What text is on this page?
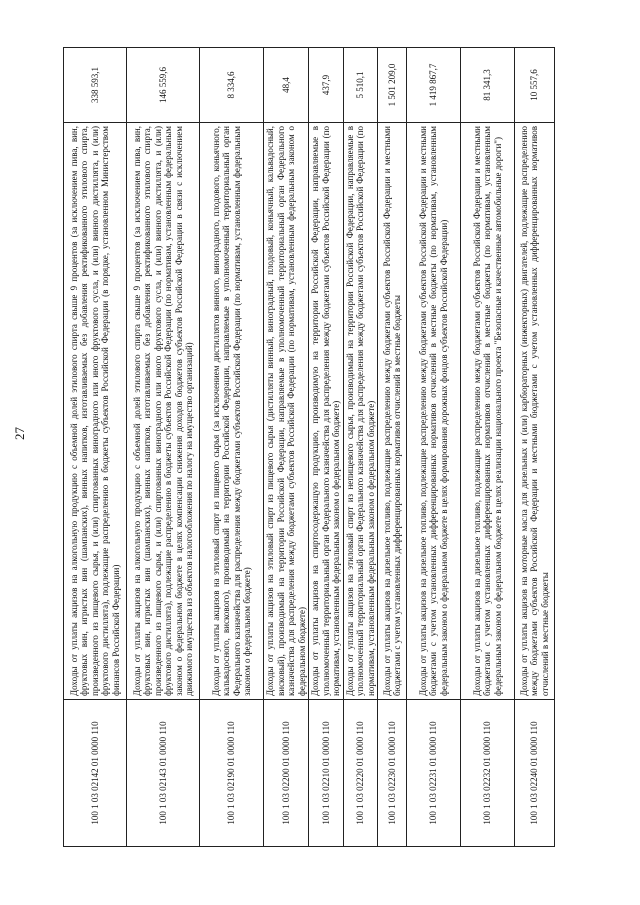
27
100 1 03 02142 01 0000 110	Доходы от уплаты акцизов на алкогольную продукцию с объемной долей этилового спирта свыше 9 процентов (за исключением пива, вин, фруктовых вин, игристых вин (шампанских), винных напитков, изготавливаемых без добавления ректификованного этилового спирта, произведенного из пищевого сырья, и (или) спиртованных виноградного или иного фруктового сусла, и (или) винного дистиллята, и (или) фруктового дистиллята), подлежащие распределению в бюджеты субъектов Российской Федерации (в порядке, установленном Министерством финансов Российской Федерации)	338 593,1
100 1 03 02143 01 0000 110	Доходы от уплаты акцизов на алкогольную продукцию с объемной долей этилового спирта свыше 9 процентов (за исключением пива, вин, фруктовых вин, игристых вин (шампанских), винных напитков, изготавливаемых без добавления ректификованного этилового спирта, произведенного из пищевого сырья, и (или) спиртованных виноградного или иного фруктового сусла, и (или) винного дистиллята, и (или) фруктового дистиллята), подлежащие распределению в бюджеты субъектов Российской Федерации (по нормативам, установленным федеральным законом о федеральном бюджете в целях компенсации снижения доходов бюджетов субъектов Российской Федерации в связи с исключением движимого имущества из объектов налогообложения по налогу на имущество организаций)	146 559,6
100 1 03 02190 01 0000 110	Доходы от уплаты акцизов на этиловый спирт из пищевого сырья (за исключением дистиллятов винного, виноградного, плодового, коньячного, кальвадосного, вискового), производимый на территории Российской Федерации, направляемые в уполномоченный территориальный орган Федерального казначейства для распределения между бюджетами субъектов Российской Федерации (по нормативам, установленным федеральным законом о федеральном бюджете)	8 334,6
100 1 03 02200 01 0000 110	Доходы от уплаты акцизов на этиловый спирт из пищевого сырья (дистилляты винный, виноградный, плодовый, коньячный, кальвадосный, висковый), производимый на территории Российской Федерации, направляемые в уполномоченный территориальный орган Федерального казначейства для распределения между бюджетами субъектов Российской Федерации (по нормативам, установленным федеральным законом о федеральном бюджете)	48,4
100 1 03 02210 01 0000 110	Доходы от уплаты акцизов на спиртосодержащую продукцию, производимую на территории Российской Федерации, направляемые в уполномоченный территориальный орган Федерального казначейства для распределения между бюджетами субъектов Российской Федерации (по нормативам, установленным федеральным законом о федеральном бюджете)	437,9
100 1 03 02220 01 0000 110	Доходы от уплаты акцизов на этиловый спирт из непищевого сырья, производимый на территории Российской Федерации, направляемые в уполномоченный территориальный орган Федерального казначейства для распределения между бюджетами субъектов Российской Федерации (по нормативам, установленным федеральным законом о федеральном бюджете)	5 510,1
100 1 03 02230 01 0000 110	Доходы от уплаты акцизов на дизельное топливо, подлежащие распределению между бюджетами субъектов Российской Федерации и местными бюджетами с учетом установленных дифференцированных нормативов отчислений в местные бюджеты	1 501 209,0
100 1 03 02231 01 0000 110	Доходы от уплаты акцизов на дизельное топливо, подлежащие распределению между бюджетами субъектов Российской Федерации и местными бюджетами с учетом установленных дифференцированных нормативов отчислений в местные бюджеты (по нормативам, установленным федеральным законом о федеральном бюджете в целях формирования дорожных фондов субъектов Российской Федерации)	1 419 867,7
100 1 03 02232 01 0000 110	Доходы от уплаты акцизов на дизельное топливо, подлежащие распределению между бюджетами субъектов Российской Федерации и местными бюджетами с учетом установленных дифференцированных нормативов отчислений в местные бюджеты (по нормативам, установленным федеральным законом о федеральном бюджете в целях реализации национального проекта "Безопасные и качественные автомобильные дороги")	81 341,3
100 1 03 02240 01 0000 110	Доходы от уплаты акцизов на моторные масла для дизельных и (или) карбюраторных (инжекторных) двигателей, подлежащие распределению между бюджетами субъектов Российской Федерации и местными бюджетами с учетом установленных дифференцированных нормативов отчислений в местные бюджеты	10 557,6
